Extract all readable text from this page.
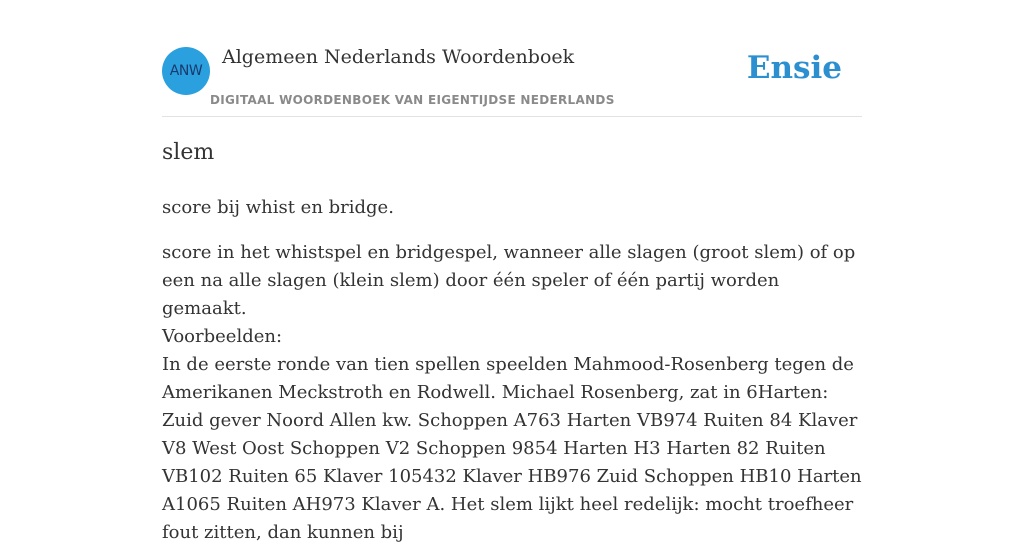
ANW
Algemeen Nederlands Woordenboek
DIGITAAL WOORDENBOEK VAN EIGENTIJDSE NEDERLANDS
Ensie
slem

score bij whist en bridge.

score in het whistspel en bridgespel, wanneer alle slagen (groot slem) of op een na alle slagen (klein slem) door één speler of één partij worden gemaakt.

Voorbeelden:

In de eerste ronde van tien spellen speelden Mahmood-Rosenberg tegen de Amerikanen Meckstroth en Rodwell. Michael Rosenberg, zat in 6Harten: Zuid gever Noord Allen kw. Schoppen A763 Harten VB974 Ruiten 84 Klaver V8 West Oost Schoppen V2 Schoppen 9854 Harten H3 Harten 82 Ruiten VB102 Ruiten 65 Klaver 105432 Klaver HB976 Zuid Schoppen HB10 Harten A1065 Ruiten AH973 Klaver A. Het slem lijkt heel redelijk: mocht troefheer fout zitten, dan kunnen bij
